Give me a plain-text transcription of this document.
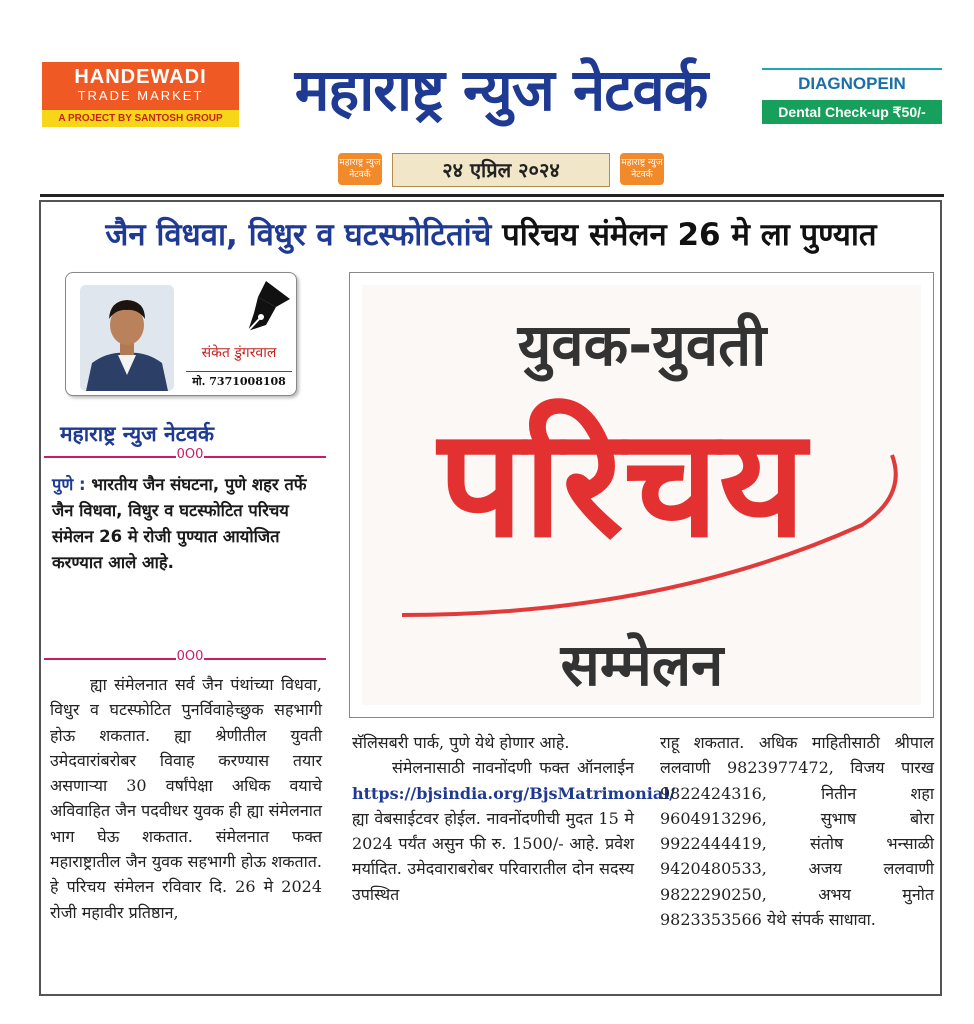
HANDEWADI
TRADE MARKET
A PROJECT BY SANTOSH GROUP	महाराष्ट्र न्युज नेटवर्क	DIAGNOPEIN
Dental Check-up ₹50/-
महाराष्ट्र न्युज नेटवर्क	२४ एप्रिल २०२४	महाराष्ट्र न्युज नेटवर्क
जैन विधवा, विधुर व घटस्फोटितांचे परिचय संमेलन 26 मे ला पुण्यात
संकेत डुंगरवाल
मो. 7371008108
महाराष्ट्र न्युज नेटवर्क
0Ο0
पुणे : भारतीय जैन संघटना, पुणे शहर तर्फे जैन विधवा, विधुर व घटस्फोटित परिचय संमेलन 26 मे रोजी पुण्यात आयोजित करण्यात आले आहे.
0Ο0
ह्या संमेलनात सर्व जैन पंथांच्या विधवा, विधुर व घटस्फोटित पुनर्विवाहेच्छुक सहभागी होऊ शकतात. ह्या श्रेणीतील युवती उमेदवारांबरोबर विवाह करण्यास तयार असणाऱ्या 30 वर्षांपेक्षा अधिक वयाचे अविवाहित जैन पदवीधर युवक ही ह्या संमेलनात भाग घेऊ शकतात. संमेलनात फक्त महाराष्ट्रातील जैन युवक सहभागी होऊ शकतात. हे परिचय संमेलन रविवार दि. 26 मे 2024 रोजी महावीर प्रतिष्ठान,
युवक-युवती
परिचय
सम्मेलन
सॅलिसबरी पार्क, पुणे येथे होणार आहे.
संमेलनासाठी नावनोंदणी फक्त ऑनलाईन https://bjsindia.org/BjsMatrimonial/ ह्या वेबसाईटवर होईल. नावनोंदणीची मुदत 15 मे 2024 पर्यंत असुन फी रु. 1500/- आहे. प्रवेश मर्यादित. उमेदवाराबरोबर परिवारातील दोन सदस्य उपस्थित
राहू शकतात. अधिक माहितीसाठी श्रीपाल ललवाणी 9823977472, विजय पारख 9822424316, नितीन शहा 9604913296, सुभाष बोरा 9922444419, संतोष भन्साळी 9420480533, अजय ललवाणी 9822290250, अभय मुनोत 9823353566 येथे संपर्क साधावा.
